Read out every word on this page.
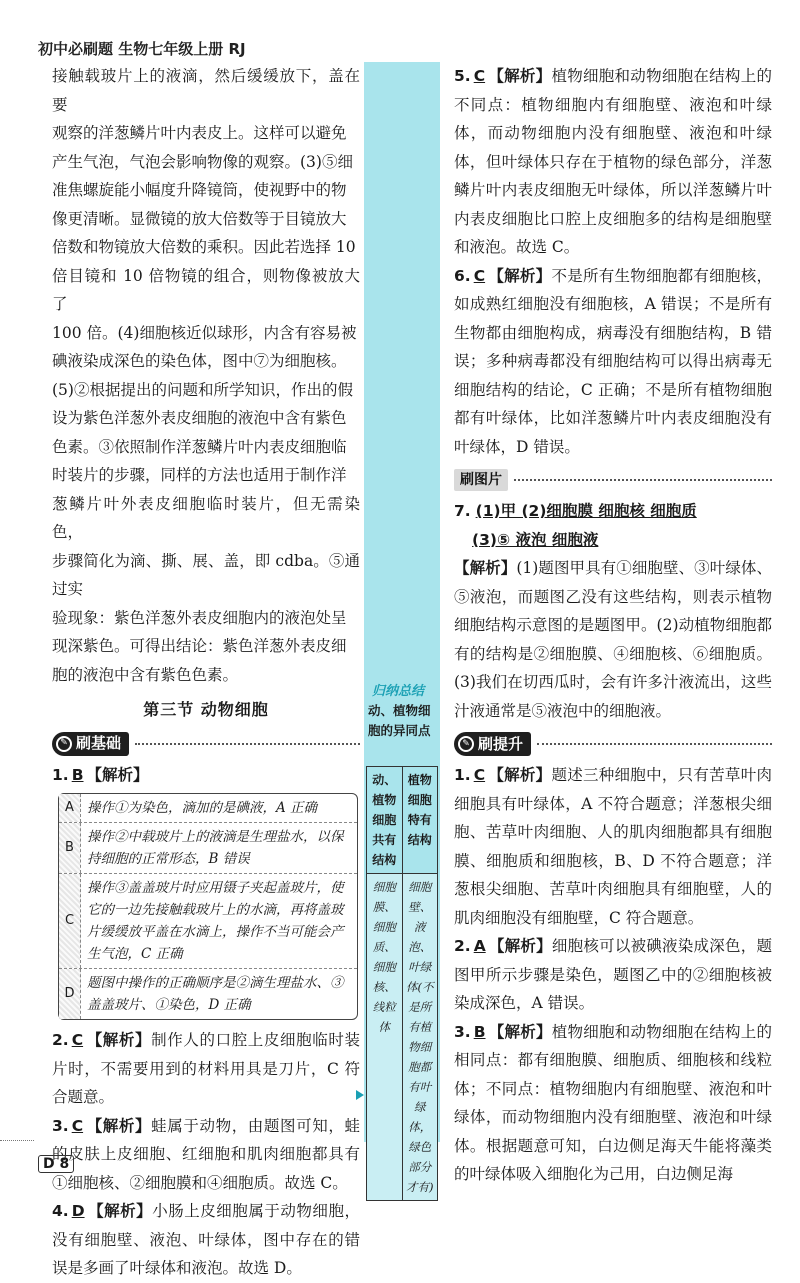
初中必刷题 生物七年级上册 RJ
接触载玻片上的液滴，然后缓缓放下，盖在要
观察的洋葱鳞片叶内表皮上。这样可以避免
产生气泡，气泡会影响物像的观察。(3)⑤细
准焦螺旋能小幅度升降镜筒，使视野中的物
像更清晰。显微镜的放大倍数等于目镜放大
倍数和物镜放大倍数的乘积。因此若选择 10
倍目镜和 10 倍物镜的组合，则物像被放大了
100 倍。(4)细胞核近似球形，内含有容易被
碘液染成深色的染色体，图中⑦为细胞核。
(5)②根据提出的问题和所学知识，作出的假
设为紫色洋葱外表皮细胞的液泡中含有紫色
色素。③依照制作洋葱鳞片叶内表皮细胞临
时装片的步骤，同样的方法也适用于制作洋
葱鳞片叶外表皮细胞临时装片，但无需染色，
步骤简化为滴、撕、展、盖，即 cdba。⑤通过实
验现象：紫色洋葱外表皮细胞内的液泡处呈
现深紫色。可得出结论：紫色洋葱外表皮细
胞的液泡中含有紫色色素。
第三节 动物细胞
✎ 刷基础
1. B 【解析】
A 操作①为染色，滴加的是碘液，A 正确
B
操作②中载玻片上的液滴是生理盐水，以保持细胞的正常形态，B 错误
C
操作③盖盖玻片时应用镊子夹起盖玻片，使它的一边先接触载玻片上的水滴，再将盖玻片缓缓放平盖在水滴上，操作不当可能会产生气泡，C 正确
D
题图中操作的正确顺序是②滴生理盐水、③盖盖玻片、①染色，D 正确
2. C 【解析】制作人的口腔上皮细胞临时装片时，不需要用到的材料用具是刀片，C 符合题意。
3. C 【解析】蛙属于动物，由题图可知，蛙的皮肤上皮细胞、红细胞和肌肉细胞都具有①细胞核、②细胞膜和④细胞质。故选 C。
4. D 【解析】小肠上皮细胞属于动物细胞，没有细胞壁、液泡、叶绿体，图中存在的错误是多画了叶绿体和液泡。故选 D。
归纳总结
动、植物细胞的异同点
动、植物细胞共有结构
植物细胞特有结构
细胞膜、细胞质、细胞核、线粒体
细胞壁、液泡、叶绿体(不是所有植物细胞都有叶绿体，绿色部分才有)
5. C 【解析】植物细胞和动物细胞在结构上的不同点：植物细胞内有细胞壁、液泡和叶绿体，而动物细胞内没有细胞壁、液泡和叶绿体，但叶绿体只存在于植物的绿色部分，洋葱鳞片叶内表皮细胞无叶绿体，所以洋葱鳞片叶内表皮细胞比口腔上皮细胞多的结构是细胞壁和液泡。故选 C。
6. C 【解析】不是所有生物细胞都有细胞核，如成熟红细胞没有细胞核，A 错误；不是所有生物都由细胞构成，病毒没有细胞结构，B 错误；多种病毒都没有细胞结构可以得出病毒无细胞结构的结论，C 正确；不是所有植物细胞都有叶绿体，比如洋葱鳞片叶内表皮细胞没有叶绿体，D 错误。
刷图片
7. (1)甲 (2)细胞膜 细胞核 细胞质
(3)⑤ 液泡 细胞液
【解析】(1)题图甲具有①细胞壁、③叶绿体、⑤液泡，而题图乙没有这些结构，则表示植物细胞结构示意图的是题图甲。(2)动植物细胞都有的结构是②细胞膜、④细胞核、⑥细胞质。(3)我们在切西瓜时，会有许多汁液流出，这些汁液通常是⑤液泡中的细胞液。
✎ 刷提升
1. C 【解析】题述三种细胞中，只有苦草叶肉细胞具有叶绿体，A 不符合题意；洋葱根尖细胞、苦草叶肉细胞、人的肌肉细胞都具有细胞膜、细胞质和细胞核，B、D 不符合题意；洋葱根尖细胞、苦草叶肉细胞具有细胞壁，人的肌肉细胞没有细胞壁，C 符合题意。
2. A 【解析】细胞核可以被碘液染成深色，题图甲所示步骤是染色，题图乙中的②细胞核被染成深色，A 错误。
3. B 【解析】植物细胞和动物细胞在结构上的相同点：都有细胞膜、细胞质、细胞核和线粒体；不同点：植物细胞内有细胞壁、液泡和叶绿体，而动物细胞内没有细胞壁、液泡和叶绿体。根据题意可知，白边侧足海天牛能将藻类的叶绿体吸入细胞化为己用，白边侧足海
D 8
